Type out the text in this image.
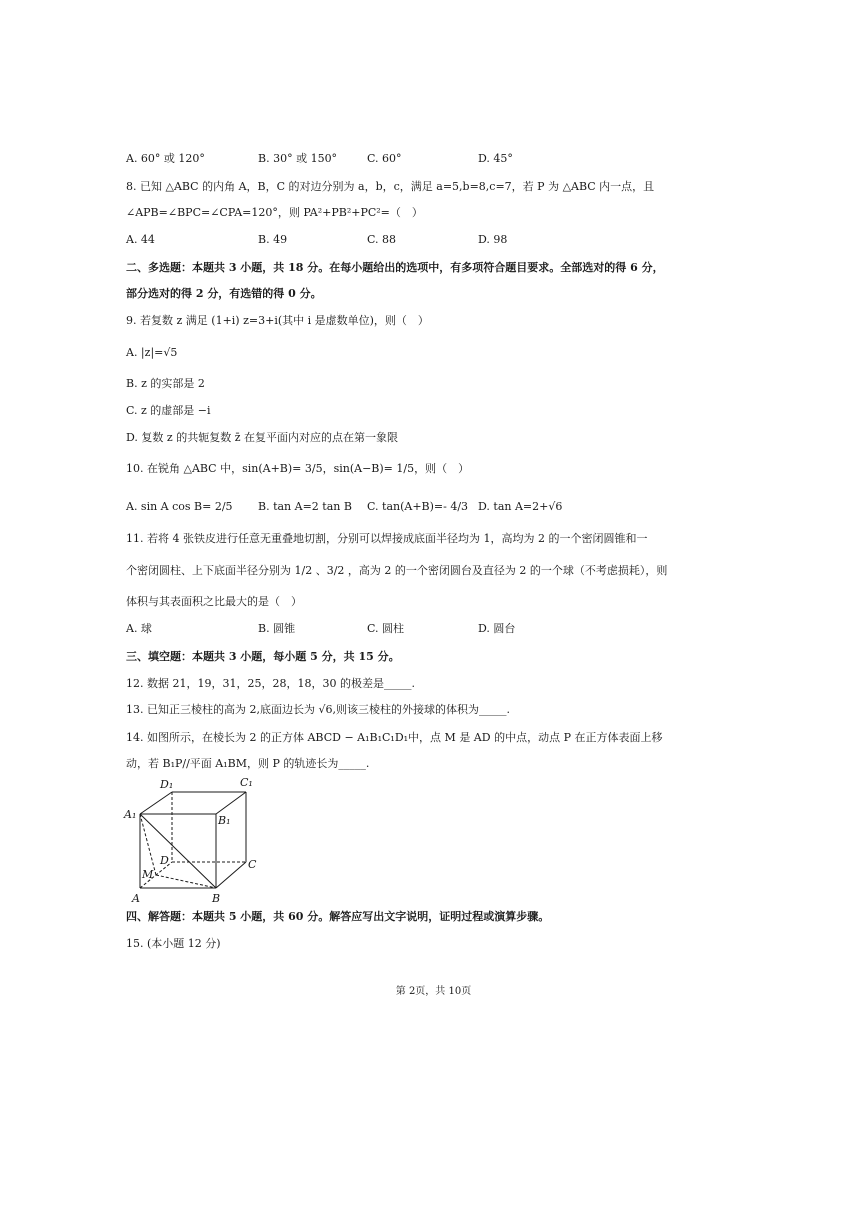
A. 60° 或 120°	B. 30° 或 150°	C. 60°	D. 45°
8. 已知 △ABC 的内角 A，B，C 的对边分别为 a，b，c，满足 a=5,b=8,c=7，若 P 为 △ABC 内一点，且
∠APB=∠BPC=∠CPA=120°，则 PA²+PB²+PC²=（　）
A. 44	B. 49	C. 88	D. 98
二、多选题：本题共 3 小题，共 18 分。在每小题给出的选项中，有多项符合题目要求。全部选对的得 6 分，
部分选对的得 2 分，有选错的得 0 分。
9. 若复数 z 满足 (1+i) z=3+i(其中 i 是虚数单位)，则（　）
A. |z|=√5
B. z 的实部是 2
C. z 的虚部是 −i
D. 复数 z 的共轭复数 z̄ 在复平面内对应的点在第一象限
10. 在锐角 △ABC 中，sin(A+B)= 3/5，sin(A−B)= 1/5，则（　）
A. sin A cos B= 2/5 B. tan A=2 tan B C. tan(A+B)=- 4/3 D. tan A=2+√6
11. 若将 4 张铁皮进行任意无重叠地切割，分别可以焊接成底面半径均为 1，高均为 2 的一个密闭圆锥和一
个密闭圆柱、上下底面半径分别为 1/2 、3/2 ，高为 2 的一个密闭圆台及直径为 2 的一个球（不考虑损耗），则
体积与其表面积之比最大的是（　）
A. 球	B. 圆锥	C. 圆柱	D. 圆台
三、填空题：本题共 3 小题，每小题 5 分，共 15 分。
12. 数据 21，19，31，25，28，18，30 的极差是_____.
13. 已知正三棱柱的高为 2,底面边长为 √6,则该三棱柱的外接球的体积为_____.
14. 如图所示，在棱长为 2 的正方体 ABCD − A₁B₁C₁D₁中，点 M 是 AD 的中点，动点 P 在正方体表面上移
动，若 B₁P//平面 A₁BM，则 P 的轨迹长为_____.
D₁	C₁
A₁	B₁
D	C
M
A	B
四、解答题：本题共 5 小题，共 60 分。解答应写出文字说明，证明过程或演算步骤。
15. (本小题 12 分)
第 2页，共 10页
